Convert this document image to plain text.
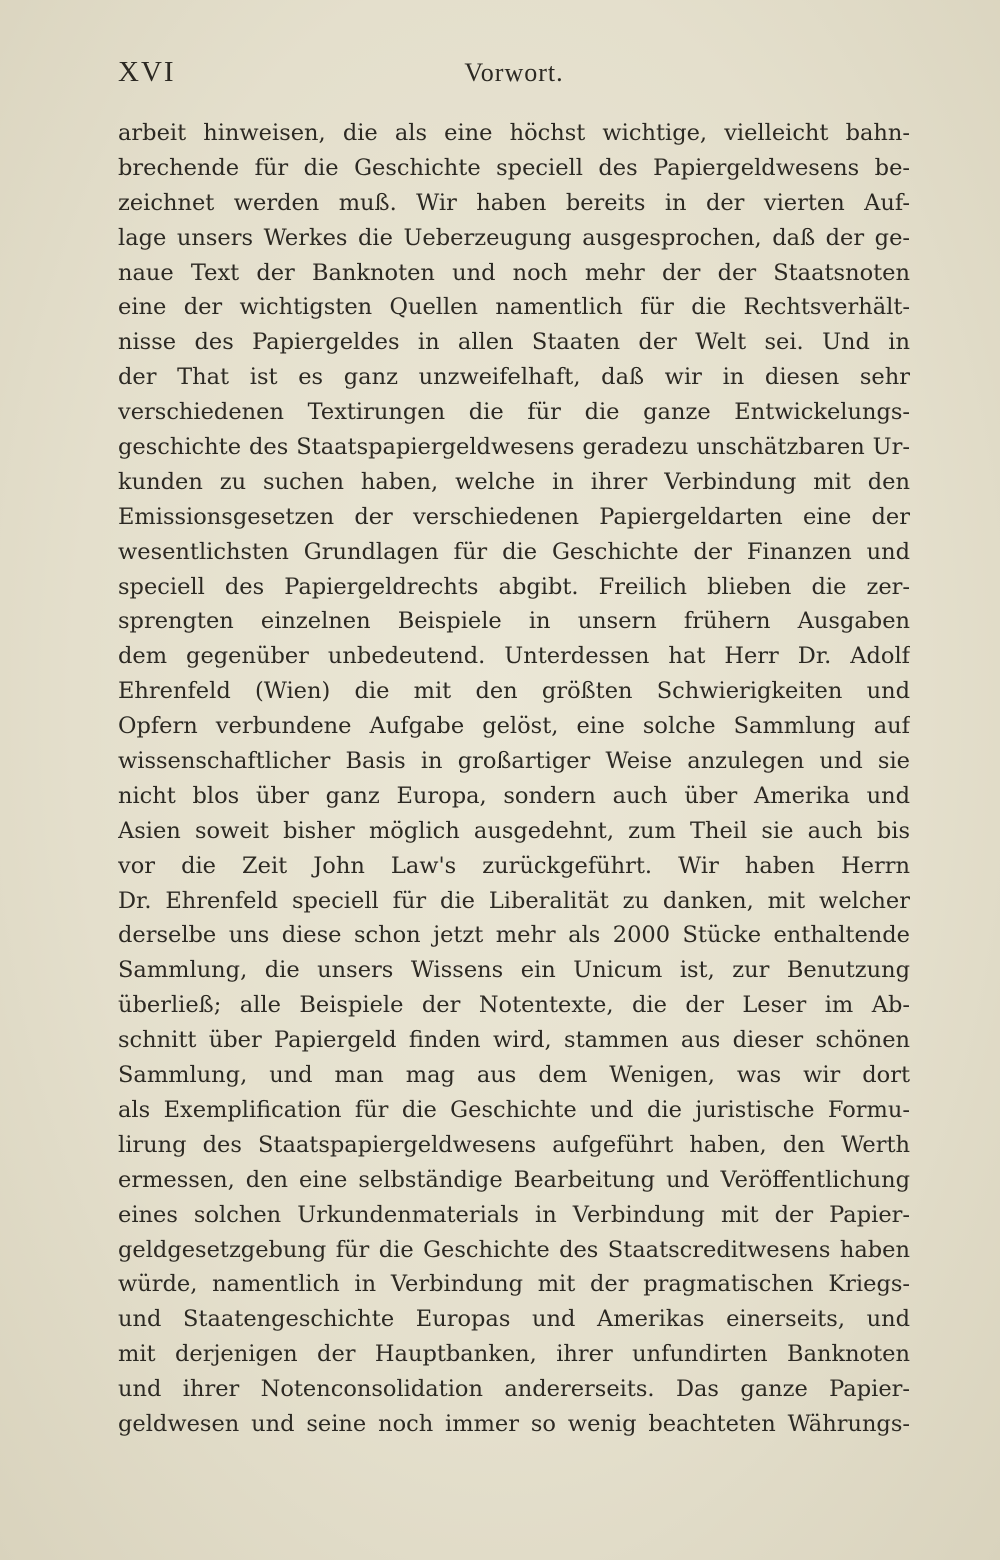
XVI	Vorwort.
arbeit hinweisen, die als eine höchst wichtige, vielleicht bahn-
brechende für die Geschichte speciell des Papiergeldwesens be-
zeichnet werden muß. Wir haben bereits in der vierten Auf-
lage unsers Werkes die Ueberzeugung ausgesprochen, daß der ge-
naue Text der Banknoten und noch mehr der der Staatsnoten
eine der wichtigsten Quellen namentlich für die Rechtsverhält-
nisse des Papiergeldes in allen Staaten der Welt sei. Und in
der That ist es ganz unzweifelhaft, daß wir in diesen sehr
verschiedenen Textirungen die für die ganze Entwickelungs-
geschichte des Staatspapiergeldwesens geradezu unschätzbaren Ur-
kunden zu suchen haben, welche in ihrer Verbindung mit den
Emissionsgesetzen der verschiedenen Papiergeldarten eine der
wesentlichsten Grundlagen für die Geschichte der Finanzen und
speciell des Papiergeldrechts abgibt. Freilich blieben die zer-
sprengten einzelnen Beispiele in unsern frühern Ausgaben
dem gegenüber unbedeutend. Unterdessen hat Herr Dr. Adolf
Ehrenfeld (Wien) die mit den größten Schwierigkeiten und
Opfern verbundene Aufgabe gelöst, eine solche Sammlung auf
wissenschaftlicher Basis in großartiger Weise anzulegen und sie
nicht blos über ganz Europa, sondern auch über Amerika und
Asien soweit bisher möglich ausgedehnt, zum Theil sie auch bis
vor die Zeit John Law's zurückgeführt. Wir haben Herrn
Dr. Ehrenfeld speciell für die Liberalität zu danken, mit welcher
derselbe uns diese schon jetzt mehr als 2000 Stücke enthaltende
Sammlung, die unsers Wissens ein Unicum ist, zur Benutzung
überließ; alle Beispiele der Notentexte, die der Leser im Ab-
schnitt über Papiergeld finden wird, stammen aus dieser schönen
Sammlung, und man mag aus dem Wenigen, was wir dort
als Exemplification für die Geschichte und die juristische Formu-
lirung des Staatspapiergeldwesens aufgeführt haben, den Werth
ermessen, den eine selbständige Bearbeitung und Veröffentlichung
eines solchen Urkundenmaterials in Verbindung mit der Papier-
geldgesetzgebung für die Geschichte des Staatscreditwesens haben
würde, namentlich in Verbindung mit der pragmatischen Kriegs-
und Staatengeschichte Europas und Amerikas einerseits, und
mit derjenigen der Hauptbanken, ihrer unfundirten Banknoten
und ihrer Notenconsolidation andererseits. Das ganze Papier-
geldwesen und seine noch immer so wenig beachteten Währungs-
